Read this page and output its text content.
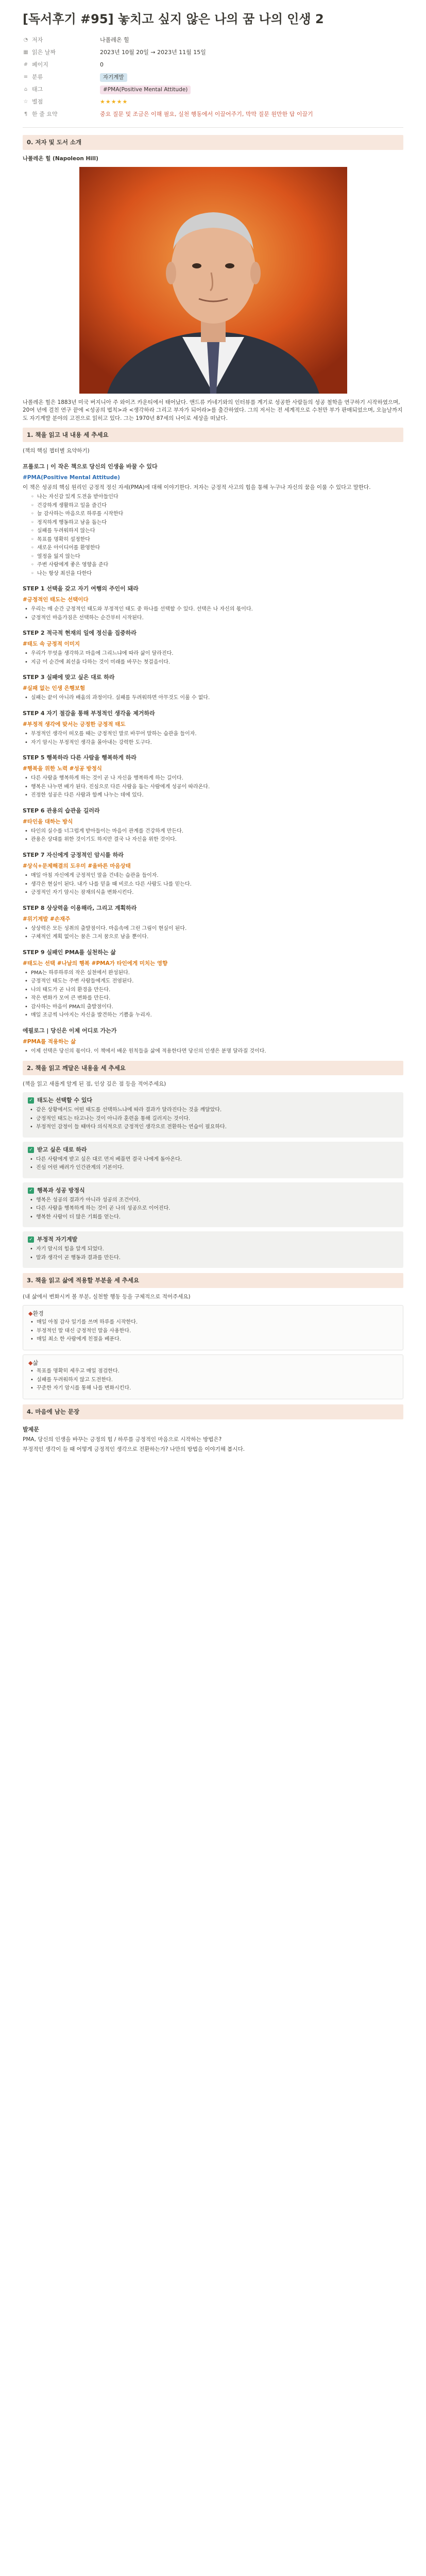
[독서후기 #95] 놓치고 싶지 않은 나의 꿈 나의 인생 2
◔ 저자	나폴레온 힐
▦ 읽은 날짜	2023년 10월 20일 → 2023년 11월 15일
# 페이지	0
≡ 분류	자기계발
⌂ 태그	#PMA(Positive Mental Attitude)
☆ 별점	★★★★★
¶ 한 줄 요약	중요 질문 및 조금은 이해 필요, 실천 행동에서 이끌어주기, 막막 질문 원만한 답 이끌기
0. 저자 및 도서 소개

나폴레온 힐 (Napoleon Hill)

나폴레온 힐은 1883년 미국 버지니아 주 와이즈 카운티에서 태어났다. 앤드류 카네기와의 인터뷰를 계기로 성공한 사람들의 성공 철학을 연구하기 시작하였으며, 20여 년에 걸친 연구 끝에 <성공의 법칙>과 <생각하라 그리고 부자가 되어라>를 출간하였다. 그의 저서는 전 세계적으로 수천만 부가 판매되었으며, 오늘날까지도 자기계발 분야의 고전으로 읽히고 있다. 그는 1970년 87세의 나이로 세상을 떠났다.

1. 책을 읽고 내 내용 세 추세요

(책의 핵심 챕터별 요약하기)

프롤로그 | 이 작은 책으로 당신의 인생을 바꿀 수 있다

#PMA(Positive Mental Attitude)

이 책은 성공의 핵심 원리인 긍정적 정신 자세(PMA)에 대해 이야기한다. 저자는 긍정적 사고의 힘을 통해 누구나 자신의 꿈을 이룰 수 있다고 말한다.

◦ 나는 자신감 있게 도전을 받아들인다
◦ 건강하게 생활하고 일을 즐긴다
◦ 늘 감사하는 마음으로 하루를 시작한다
◦ 정직하게 행동하고 남을 돕는다
◦ 실패를 두려워하지 않는다
◦ 목표를 명확히 설정한다
◦ 새로운 아이디어를 환영한다
◦ 열정을 잃지 않는다
◦ 주변 사람에게 좋은 영향을 준다
◦ 나는 항상 최선을 다한다

STEP 1 선택을 갖고 자기 여행의 주인이 돼라

#긍정적인 태도는 선택이다

• 우리는 매 순간 긍정적인 태도와 부정적인 태도 중 하나를 선택할 수 있다. 선택은 나 자신의 몫이다.
• 긍정적인 마음가짐은 선택하는 순간부터 시작된다.

STEP 2 적극적 현재의 일에 정신을 집중하라

#태도 속 긍정적 이미지

• 우리가 무엇을 생각하고 마음에 그리느냐에 따라 삶이 달라진다.
• 지금 이 순간에 최선을 다하는 것이 미래를 바꾸는 첫걸음이다.

STEP 3 실패에 맞고 싶은 대로 하라

#실패 없는 인생 은행보험

• 실패는 끝이 아니라 배움의 과정이다. 실패를 두려워하면 아무것도 이룰 수 없다.

STEP 4 자기 절감을 통해 부정적인 생각을 제거하라

#부정적 생각에 맞서는 긍정한 긍정적 태도

• 부정적인 생각이 떠오를 때는 긍정적인 말로 바꾸어 말하는 습관을 들이자.
• 자기 암시는 부정적인 생각을 몰아내는 강력한 도구다.

STEP 5 행복하라 다른 사람을 행복하게 하라

#행복을 위한 노력 #성공 방정식

• 다른 사람을 행복하게 하는 것이 곧 나 자신을 행복하게 하는 길이다.
• 행복은 나누면 배가 된다. 진심으로 다른 사람을 돕는 사람에게 성공이 따라온다.
• 진정한 성공은 다른 사람과 함께 나누는 데에 있다.

STEP 6 관용의 습관을 길러라

#타인을 대하는 방식

• 타인의 실수를 너그럽게 받아들이는 마음이 관계를 건강하게 만든다.
• 관용은 상대를 위한 것이기도 하지만 결국 나 자신을 위한 것이다.

STEP 7 자신에게 긍정적인 암시를 하라

#상식+문제해결의 도우미 #올바른 마음상태

• 매일 아침 자신에게 긍정적인 말을 건네는 습관을 들이자.
• 생각은 현실이 된다. 내가 나를 믿을 때 비로소 다른 사람도 나를 믿는다.
• 긍정적인 자기 암시는 잠재의식을 변화시킨다.

STEP 8 상상력을 이용해라, 그리고 계획하라

#위기계발 #손재주

• 상상력은 모든 성취의 출발점이다. 마음속에 그린 그림이 현실이 된다.
• 구체적인 계획 없이는 꿈은 그저 꿈으로 남을 뿐이다.

STEP 9 실패인 PMA를 실천하는 삶

#태도는 선택 #나날의 행복 #PMA가 타인에게 미치는 영향

• PMA는 하루하루의 작은 실천에서 완성된다.
• 긍정적인 태도는 주변 사람들에게도 전염된다.
• 나의 태도가 곧 나의 환경을 만든다.
• 작은 변화가 모여 큰 변화를 만든다.
• 감사하는 마음이 PMA의 출발점이다.
• 매일 조금씩 나아지는 자신을 발견하는 기쁨을 누리자.

에필로그 | 당신은 이제 어디로 가는가

#PMA를 적용하는 삶

• 이제 선택은 당신의 몫이다. 이 책에서 배운 원칙들을 삶에 적용한다면 당신의 인생은 분명 달라질 것이다.
2. 책을 읽고 깨달은 내용을 세 추세요

(책을 읽고 새롭게 알게 된 점, 인상 깊은 점 등을 적어주세요)

✓ 태도는 선택할 수 있다
• 같은 상황에서도 어떤 태도를 선택하느냐에 따라 결과가 달라진다는 것을 깨달았다.
• 긍정적인 태도는 타고나는 것이 아니라 훈련을 통해 길러지는 것이다.
• 부정적인 감정이 들 때마다 의식적으로 긍정적인 생각으로 전환하는 연습이 필요하다.
✓ 받고 싶은 대로 하라
• 다른 사람에게 받고 싶은 대로 먼저 베풀면 결국 나에게 돌아온다.
• 진심 어린 배려가 인간관계의 기본이다.
✓ 행복과 성공 방정식
• 행복은 성공의 결과가 아니라 성공의 조건이다.
• 다른 사람을 행복하게 하는 것이 곧 나의 성공으로 이어진다.
• 행복한 사람이 더 많은 기회를 얻는다.
✓ 부정적 자기계발
• 자기 암시의 힘을 알게 되었다.
• 말과 생각이 곧 행동과 결과를 만든다.
3. 책을 읽고 삶에 적용할 부분을 세 추세요

(내 삶에서 변화시켜 볼 부분, 실천할 행동 등을 구체적으로 적어주세요)

◆환경
• 매일 아침 감사 일기를 쓰며 하루를 시작한다.
• 부정적인 말 대신 긍정적인 말을 사용한다.
• 매일 최소 한 사람에게 친절을 베푼다.
◆삶
• 목표를 명확히 세우고 매일 점검한다.
• 실패를 두려워하지 않고 도전한다.
• 꾸준한 자기 암시를 통해 나를 변화시킨다.
4. 마음에 남는 문장

발제문

PMA, 당신의 인생을 바꾸는 긍정의 힘 / 하루를 긍정적인 마음으로 시작하는 방법은?

부정적인 생각이 들 때 어떻게 긍정적인 생각으로 전환하는가? 나만의 방법을 이야기해 봅시다.
